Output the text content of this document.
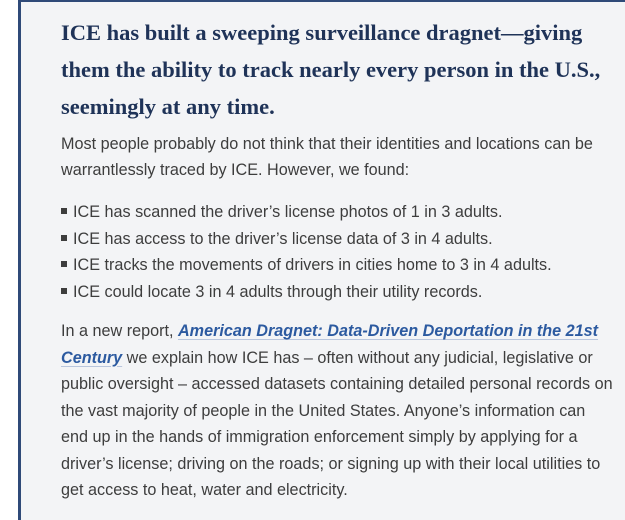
ICE has built a sweeping surveillance dragnet—giving them the ability to track nearly every person in the U.S., seemingly at any time.

Most people probably do not think that their identities and locations can be warrantlessly traced by ICE. However, we found:

ICE has scanned the driver’s license photos of 1 in 3 adults.
ICE has access to the driver’s license data of 3 in 4 adults.
ICE tracks the movements of drivers in cities home to 3 in 4 adults.
ICE could locate 3 in 4 adults through their utility records.

In a new report, American Dragnet: Data-Driven Deportation in the 21st Century we explain how ICE has – often without any judicial, legislative or public oversight – accessed datasets containing detailed personal records on the vast majority of people in the United States. Anyone’s information can end up in the hands of immigration enforcement simply by applying for a driver’s license; driving on the roads; or signing up with their local utilities to get access to heat, water and electricity.
